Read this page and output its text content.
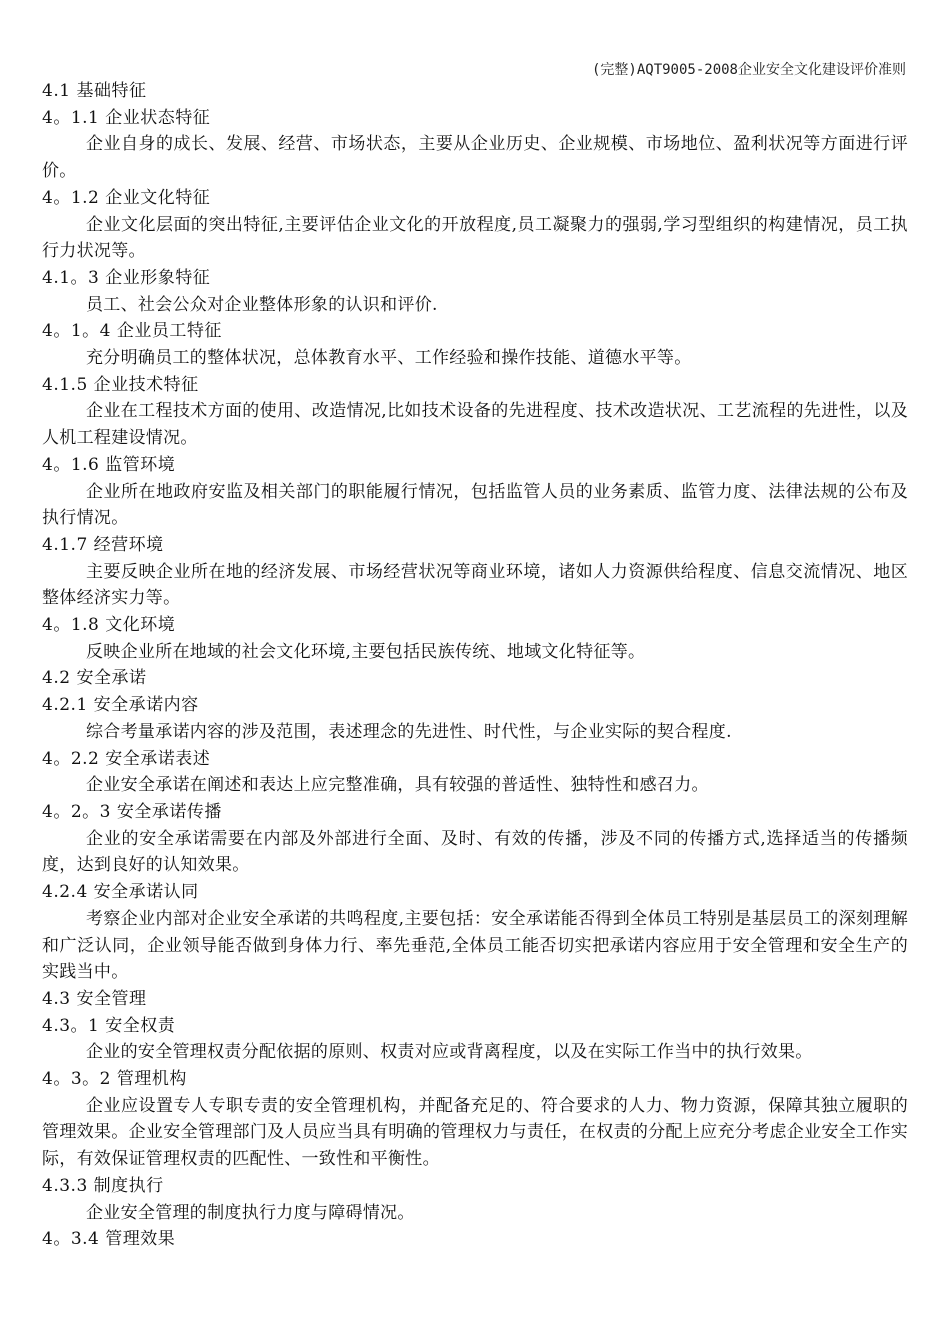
(完整)AQT9005-2008企业安全文化建设评价准则
4.1 基础特征
4。1.1 企业状态特征
企业自身的成长、发展、经营、市场状态，主要从企业历史、企业规模、市场地位、盈利状况等方面进行评价。
4。1.2 企业文化特征
企业文化层面的突出特征,主要评估企业文化的开放程度,员工凝聚力的强弱,学习型组织的构建情况，员工执行力状况等。
4.1。3 企业形象特征
员工、社会公众对企业整体形象的认识和评价.
4。1。4 企业员工特征
充分明确员工的整体状况，总体教育水平、工作经验和操作技能、道德水平等。
4.1.5 企业技术特征
企业在工程技术方面的使用、改造情况,比如技术设备的先进程度、技术改造状况、工艺流程的先进性，以及人机工程建设情况。
4。1.6 监管环境
企业所在地政府安监及相关部门的职能履行情况，包括监管人员的业务素质、监管力度、法律法规的公布及执行情况。
4.1.7 经营环境
主要反映企业所在地的经济发展、市场经营状况等商业环境，诸如人力资源供给程度、信息交流情况、地区整体经济实力等。
4。1.8 文化环境
反映企业所在地域的社会文化环境,主要包括民族传统、地域文化特征等。
4.2 安全承诺
4.2.1 安全承诺内容
综合考量承诺内容的涉及范围，表述理念的先进性、时代性，与企业实际的契合程度.
4。2.2 安全承诺表述
企业安全承诺在阐述和表达上应完整准确，具有较强的普适性、独特性和感召力。
4。2。3 安全承诺传播
企业的安全承诺需要在内部及外部进行全面、及时、有效的传播，涉及不同的传播方式,选择适当的传播频度，达到良好的认知效果。
4.2.4 安全承诺认同
考察企业内部对企业安全承诺的共鸣程度,主要包括：安全承诺能否得到全体员工特别是基层员工的深刻理解和广泛认同，企业领导能否做到身体力行、率先垂范,全体员工能否切实把承诺内容应用于安全管理和安全生产的实践当中。
4.3 安全管理
4.3。1 安全权责
企业的安全管理权责分配依据的原则、权责对应或背离程度，以及在实际工作当中的执行效果。
4。3。2 管理机构
企业应设置专人专职专责的安全管理机构，并配备充足的、符合要求的人力、物力资源，保障其独立履职的管理效果。企业安全管理部门及人员应当具有明确的管理权力与责任，在权责的分配上应充分考虑企业安全工作实际，有效保证管理权责的匹配性、一致性和平衡性。
4.3.3 制度执行
企业安全管理的制度执行力度与障碍情况。
4。3.4 管理效果
